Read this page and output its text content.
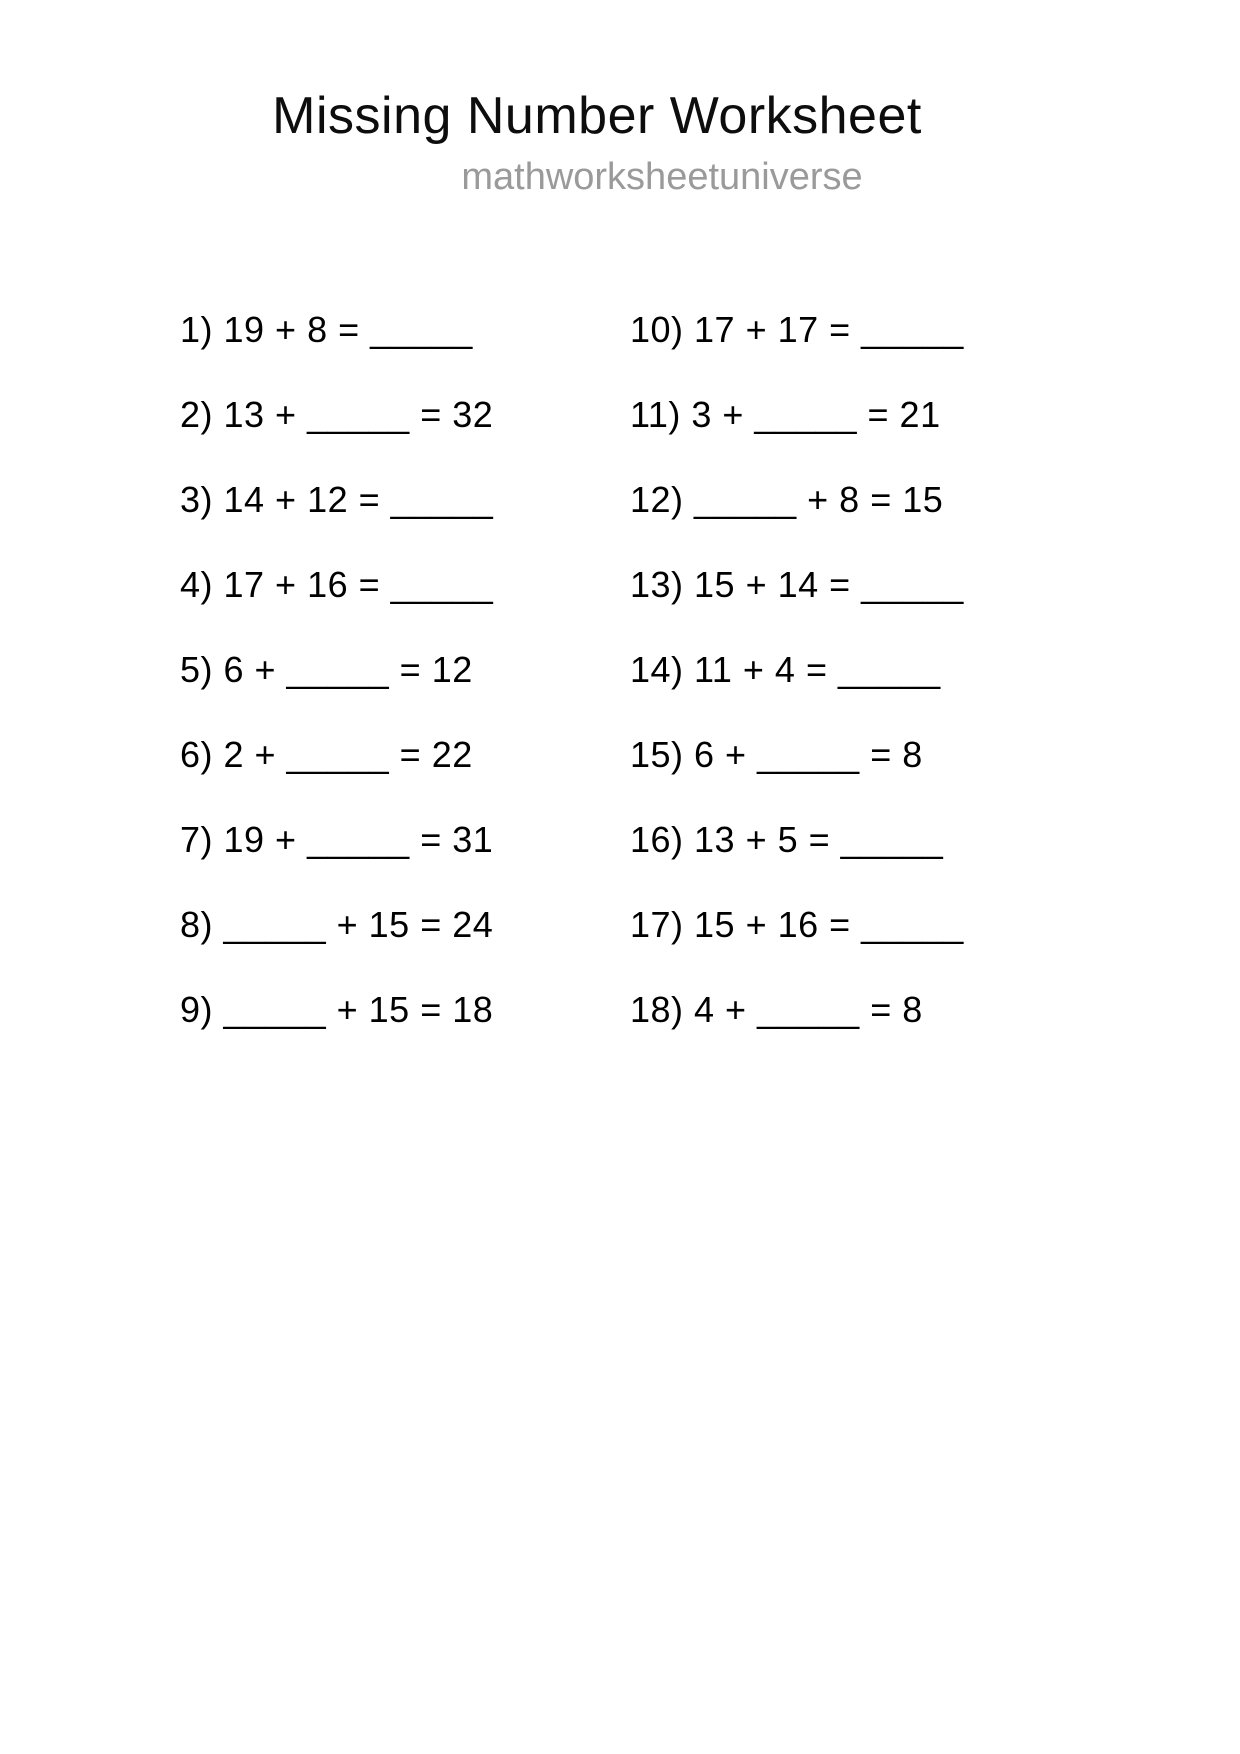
Missing Number Worksheet
mathworksheetuniverse
1) 19 + 8 = _____
2) 13 + _____ = 32
3) 14 + 12 = _____
4) 17 + 16 = _____
5) 6 + _____ = 12
6) 2 + _____ = 22
7) 19 + _____ = 31
8) _____ + 15 = 24
9) _____ + 15 = 18
10) 17 + 17 = _____
11) 3 + _____ = 21
12) _____ + 8 = 15
13) 15 + 14 = _____
14) 11 + 4 = _____
15) 6 + _____ = 8
16) 13 + 5 = _____
17) 15 + 16 = _____
18) 4 + _____ = 8
